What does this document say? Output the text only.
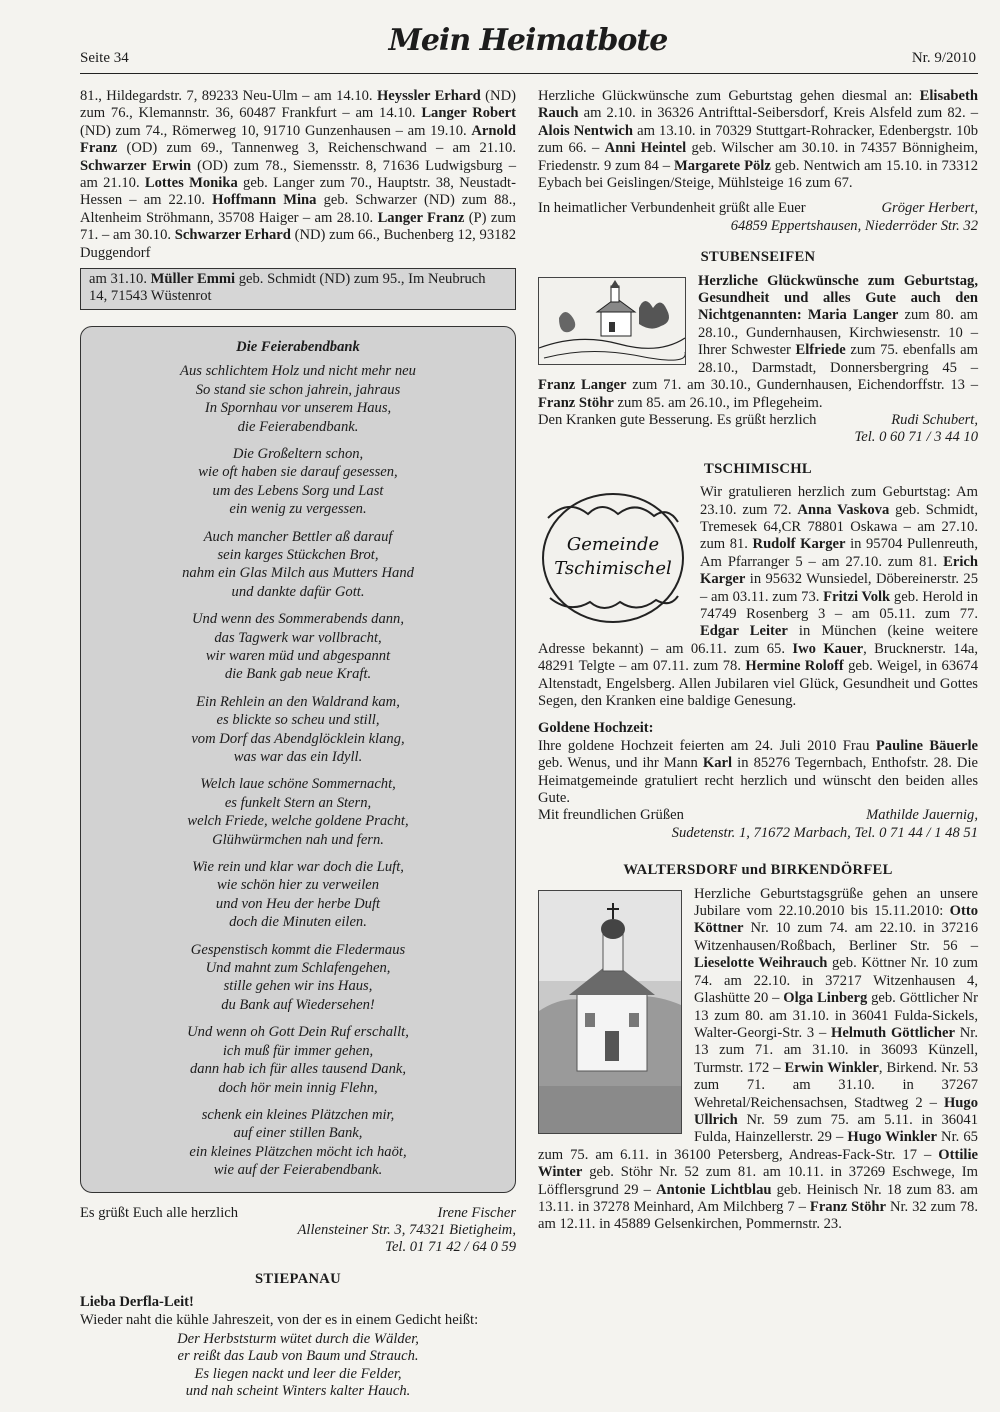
Seite 34	Mein Heimatbote	Nr. 9/2010

81., Hildegardstr. 7, 89233 Neu-Ulm – am 14.10. Heyssler Erhard (ND) zum 76., Klemannstr. 36, 60487 Frankfurt – am 14.10. Langer Robert (ND) zum 74., Römerweg 10, 91710 Gunzenhausen – am 19.10. Arnold Franz (OD) zum 69., Tannenweg 3, Reichenschwand – am 21.10. Schwarzer Erwin (OD) zum 78., Siemensstr. 8, 71636 Ludwigsburg – am 21.10. Lottes Monika geb. Langer zum 70., Hauptstr. 38, Neustadt-Hessen – am 22.10. Hoffmann Mina geb. Schwarzer (ND) zum 88., Altenheim Ströhmann, 35708 Haiger – am 28.10. Langer Franz (P) zum 71. – am 30.10. Schwarzer Erhard (ND) zum 66., Buchenberg 12, 93182 Duggendorf

am 31.10. Müller Emmi geb. Schmidt (ND) zum 95., Im Neubruch 14, 71543 Wüstenrot
Die Feierabendbank
Aus schlichtem Holz und nicht mehr neu
So stand sie schon jahrein, jahraus
In Spornhau vor unserem Haus,
die Feierabendbank.
Die Großeltern schon,
wie oft haben sie darauf gesessen,
um des Lebens Sorg und Last
ein wenig zu vergessen.
Auch mancher Bettler aß darauf
sein karges Stückchen Brot,
nahm ein Glas Milch aus Mutters Hand
und dankte dafür Gott.
Und wenn des Sommerabends dann,
das Tagwerk war vollbracht,
wir waren müd und abgespannt
die Bank gab neue Kraft.
Ein Rehlein an den Waldrand kam,
es blickte so scheu und still,
vom Dorf das Abendglöcklein klang,
was war das ein Idyll.
Welch laue schöne Sommernacht,
es funkelt Stern an Stern,
welch Friede, welche goldene Pracht,
Glühwürmchen nah und fern.
Wie rein und klar war doch die Luft,
wie schön hier zu verweilen
und von Heu der herbe Duft
doch die Minuten eilen.
Gespenstisch kommt die Fledermaus
Und mahnt zum Schlafengehen,
stille gehen wir ins Haus,
du Bank auf Wiedersehen!
Und wenn oh Gott Dein Ruf erschallt,
ich muß für immer gehen,
dann hab ich für alles tausend Dank,
doch hör mein innig Flehn,
schenk ein kleines Plätzchen mir,
auf einer stillen Bank,
ein kleines Plätzchen möcht ich haöt,
wie auf der Feierabendbank.
Es grüßt Euch alle herzlich	Irene Fischer
Allensteiner Str. 3, 74321 Bietigheim,
Tel. 01 71 42 / 64 0 59
STIEPANAU
Lieba Derfla-Leit!

Wieder naht die kühle Jahreszeit, von der es in einem Gedicht heißt:

Der Herbststurm wütet durch die Wälder,
er reißt das Laub von Baum und Strauch.
Es liegen nackt und leer die Felder,
und nah scheint Winters kalter Hauch.

Herzliche Glückwünsche zum Geburtstag gehen diesmal an: Elisabeth Rauch am 2.10. in 36326 Antrifttal-Seibersdorf, Kreis Alsfeld zum 82. – Alois Nentwich am 13.10. in 70329 Stuttgart-Rohracker, Edenbergstr. 10b zum 66. – Anni Heintel geb. Wilscher am 30.10. in 74357 Bönnigheim, Friedenstr. 9 zum 84 – Margarete Pölz geb. Nentwich am 15.10. in 73312 Eybach bei Geislingen/Steige, Mühlsteige 16 zum 67.

In heimatlicher Verbundenheit grüßt alle Euer	Gröger Herbert,
64859 Eppertshausen, Niederröder Str. 32
STUBENSEIFEN

Herzliche Glückwünsche zum Geburtstag, Gesundheit und alles Gute auch den Nichtgenannten: Maria Langer zum 80. am 28.10., Gundernhausen, Kirchwiesenstr. 10 – Ihrer Schwester Elfriede zum 75. ebenfalls am 28.10., Darmstadt, Donnersbergring 45 – Franz Langer zum 71. am 30.10., Gundernhausen, Eichendorffstr. 13 – Franz Stöhr zum 85. am 26.10., im Pflegeheim.

Den Kranken gute Besserung. Es grüßt herzlich	Rudi Schubert,
Tel. 0 60 71 / 3 44 10
TSCHIMISCHL
Gemeinde
Tschimischel

Wir gratulieren herzlich zum Geburtstag: Am 23.10. zum 72. Anna Vaskova geb. Schmidt, Tremesek 64,CR 78801 Oskawa – am 27.10. zum 81. Rudolf Karger in 95704 Pullenreuth, Am Pfarranger 5 – am 27.10. zum 81. Erich Karger in 95632 Wunsiedel, Döbereinerstr. 25 – am 03.11. zum 73. Fritzi Volk geb. Herold in 74749 Rosenberg 3 – am 05.11. zum 77. Edgar Leiter in München (keine weitere Adresse bekannt) – am 06.11. zum 65. Iwo Kauer, Brucknerstr. 14a, 48291 Telgte – am 07.11. zum 78. Hermine Roloff geb. Weigel, in 63674 Altenstadt, Engelsberg. Allen Jubilaren viel Glück, Gesundheit und Gottes Segen, den Kranken eine baldige Genesung.

Goldene Hochzeit:

Ihre goldene Hochzeit feierten am 24. Juli 2010 Frau Pauline Bäuerle geb. Wenus, und ihr Mann Karl in 85276 Tegernbach, Enthofstr. 28. Die Heimatgemeinde gratuliert recht herzlich und wünscht den beiden alles Gute.

Mit freundlichen Grüßen	Mathilde Jauernig,
Sudetenstr. 1, 71672 Marbach, Tel. 0 71 44 / 1 48 51
WALTERSDORF und BIRKENDÖRFEL

Herzliche Geburtstagsgrüße gehen an unsere Jubilare vom 22.10.2010 bis 15.11.2010: Otto Köttner Nr. 10 zum 74. am 22.10. in 37216 Witzenhausen/Roßbach, Berliner Str. 56 – Lieselotte Weihrauch geb. Köttner Nr. 10 zum 74. am 22.10. in 37217 Witzenhausen 4, Glashütte 20 – Olga Linberg geb. Göttlicher Nr 13 zum 80. am 31.10. in 36041 Fulda-Sickels, Walter-Georgi-Str. 3 – Helmuth Göttlicher Nr. 13 zum 71. am 31.10. in 36093 Künzell, Turmstr. 172 – Erwin Winkler, Birkend. Nr. 53 zum 71. am 31.10. in 37267 Wehretal/Reichensachsen, Stadtweg 2 – Hugo Ullrich Nr. 59 zum 75. am 5.11. in 36041 Fulda, Hainzellerstr. 29 – Hugo Winkler Nr. 65 zum 75. am 6.11. in 36100 Petersberg, Andreas-Fack-Str. 17 – Ottilie Winter geb. Stöhr Nr. 52 zum 81. am 10.11. in 37269 Eschwege, Im Löfflersgrund 29 – Antonie Lichtblau geb. Heinisch Nr. 18 zum 83. am 13.11. in 37278 Meinhard, Am Milchberg 7 – Franz Stöhr Nr. 32 zum 78. am 12.11. in 45889 Gelsenkirchen, Pommernstr. 23.
